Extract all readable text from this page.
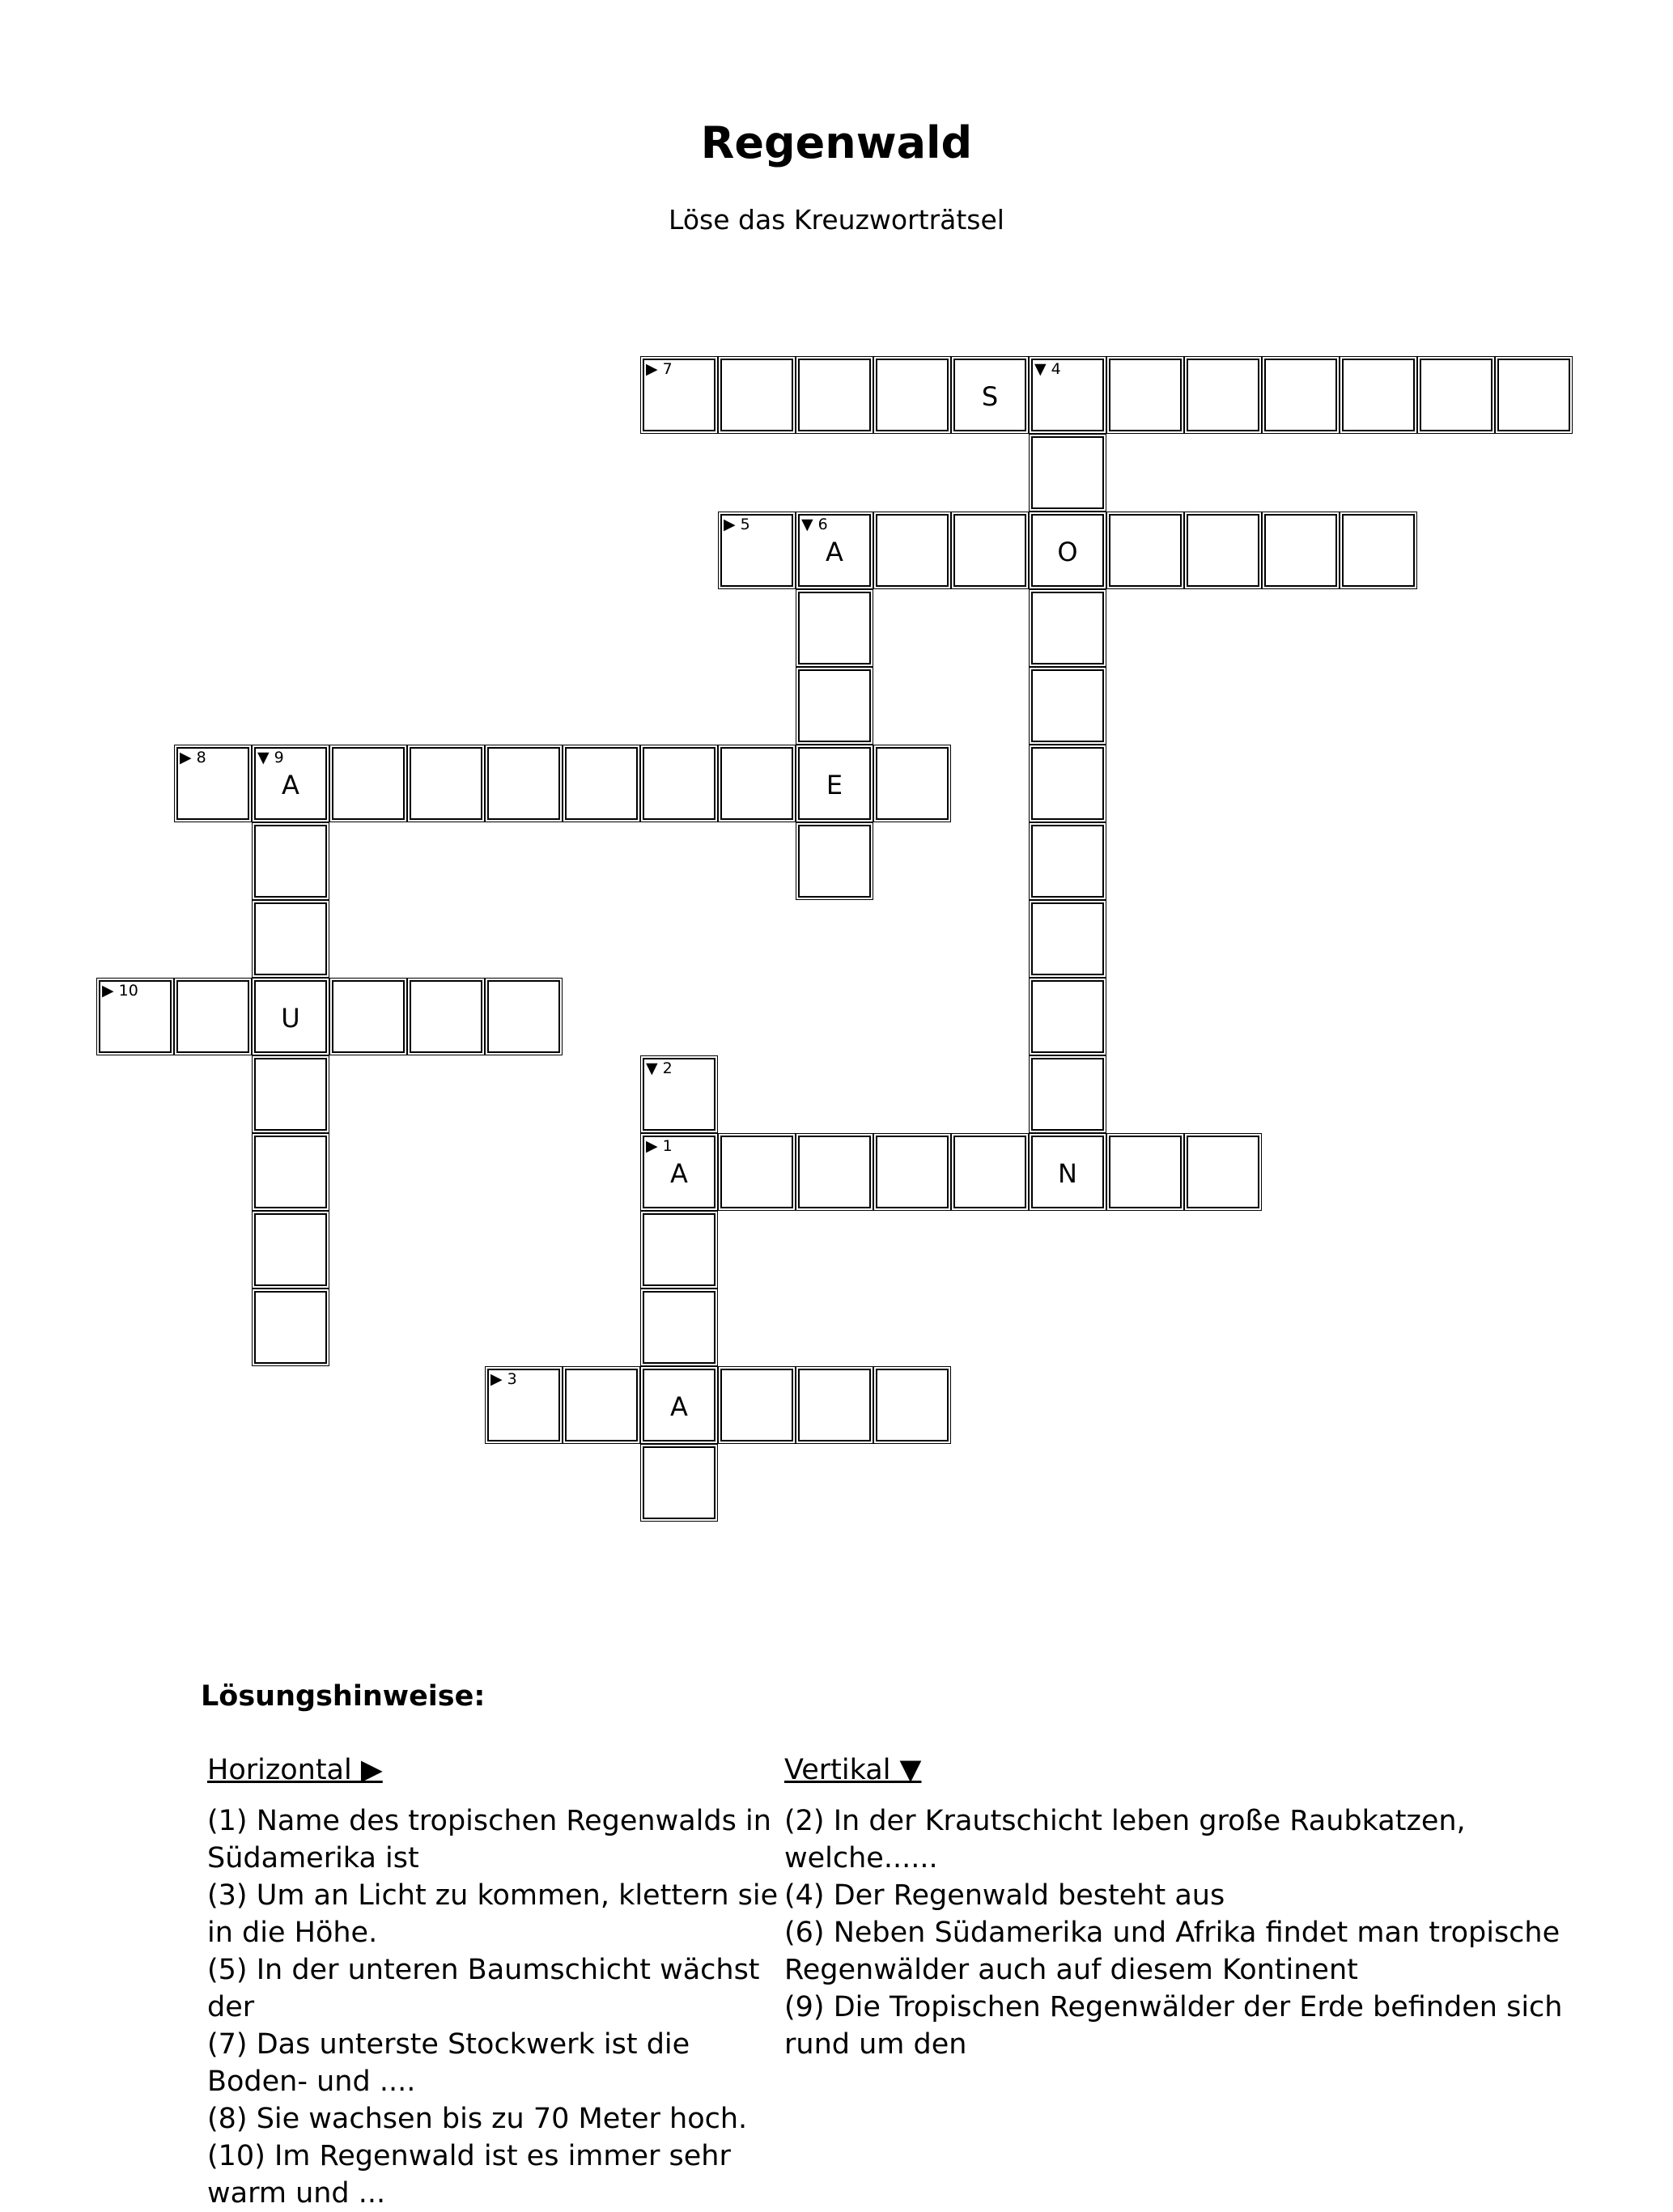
Regenwald
Löse das Kreuzworträtsel
▶ 7
S
▼ 4
▶ 5	▼ 6
A	O
▶ 8	▼ 9
A	E
▶ 10
U
▶ 1
A	N
▶ 3
A
▼ 2
Lösungshinweise:
Horizontal ▶	Vertikal ▼
(1) Name des tropischen Regenwalds in Südamerika ist
(3) Um an Licht zu kommen, klettern sie in die Höhe.
(5) In der unteren Baumschicht wächst der
(7) Das unterste Stockwerk ist die Boden- und ....
(8) Sie wachsen bis zu 70 Meter hoch.
(10) Im Regenwald ist es immer sehr warm und ...
(2) In der Krautschicht leben große Raubkatzen, welche......
(4) Der Regenwald besteht aus
(6) Neben Südamerika und Afrika findet man tropische Regenwälder auch auf diesem Kontinent
(9) Die Tropischen Regenwälder der Erde befinden sich rund um den
